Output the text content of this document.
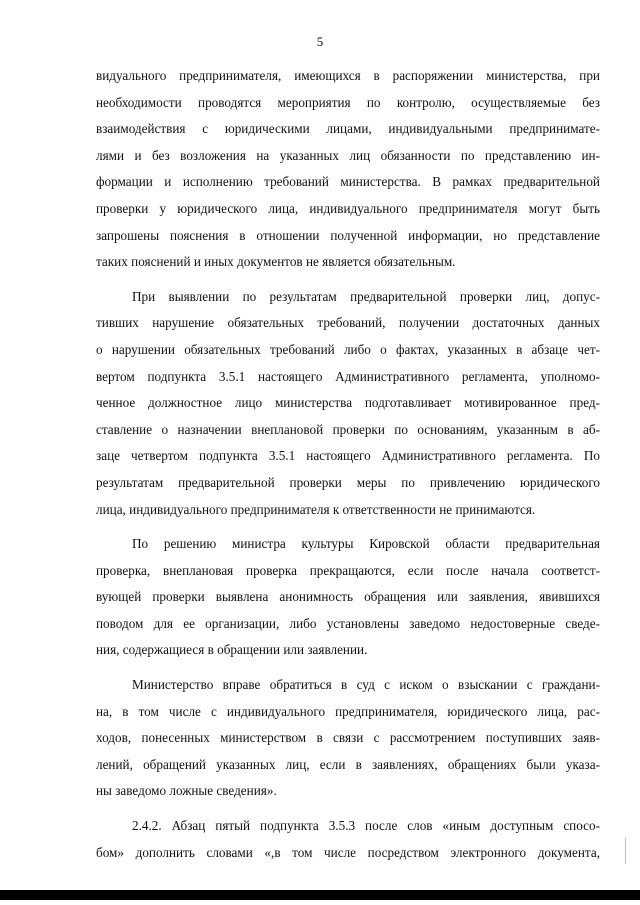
5
видуального предпринимателя, имеющихся в распоряжении министерства, при
необходимости проводятся мероприятия по контролю, осуществляемые без
взаимодействия с юридическими лицами, индивидуальными предпринимате-
лями и без возложения на указанных лиц обязанности по представлению ин-
формации и исполнению требований министерства. В рамках предварительной
проверки у юридического лица, индивидуального предпринимателя могут быть
запрошены пояснения в отношении полученной информации, но представление
таких пояснений и иных документов не является обязательным.
При выявлении по результатам предварительной проверки лиц, допус-
тивших нарушение обязательных требований, получении достаточных данных
о нарушении обязательных требований либо о фактах, указанных в абзаце чет-
вертом подпункта 3.5.1 настоящего Административного регламента, уполномо-
ченное должностное лицо министерства подготавливает мотивированное пред-
ставление о назначении внеплановой проверки по основаниям, указанным в аб-
заце четвертом подпункта 3.5.1 настоящего Административного регламента. По
результатам предварительной проверки меры по привлечению юридического
лица, индивидуального предпринимателя к ответственности не принимаются.
По решению министра культуры Кировской области предварительная
проверка, внеплановая проверка прекращаются, если после начала соответст-
вующей проверки выявлена анонимность обращения или заявления, явившихся
поводом для ее организации, либо установлены заведомо недостоверные сведе-
ния, содержащиеся в обращении или заявлении.
Министерство вправе обратиться в суд с иском о взыскании с граждани-
на, в том числе с индивидуального предпринимателя, юридического лица, рас-
ходов, понесенных министерством в связи с рассмотрением поступивших заяв-
лений, обращений указанных лиц, если в заявлениях, обращениях были указа-
ны заведомо ложные сведения».
2.4.2. Абзац пятый подпункта 3.5.3 после слов «иным доступным спосо-
бом» дополнить словами «,в том числе посредством электронного документа,
